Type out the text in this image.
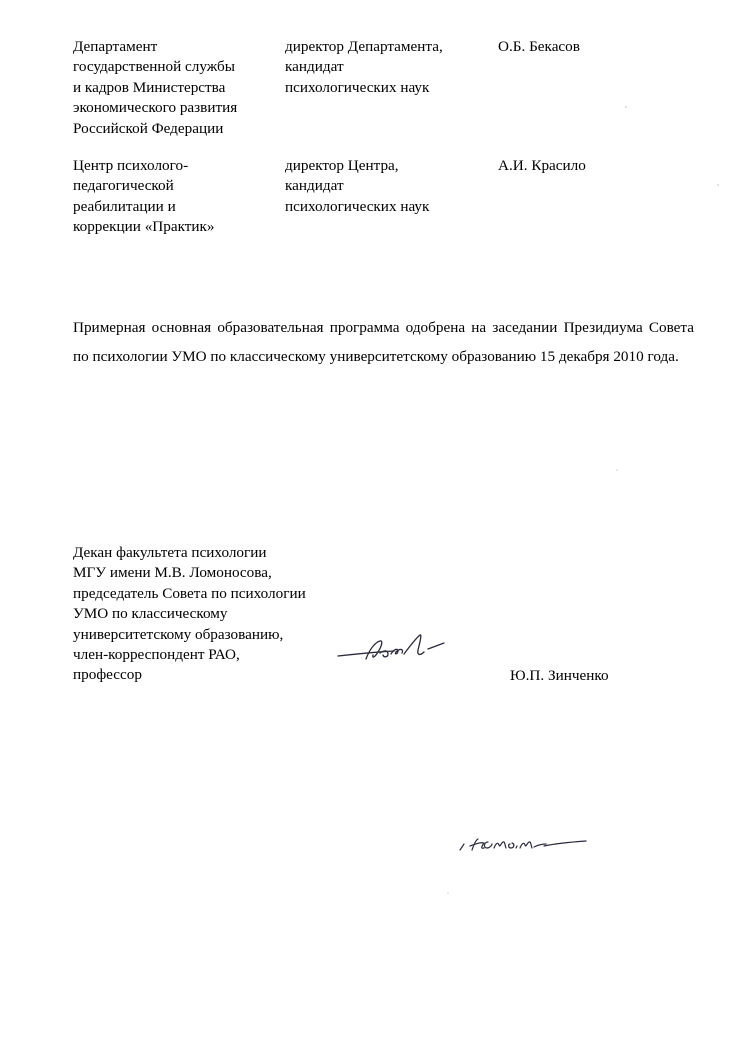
Департамент
государственной службы
и кадров Министерства
экономического развития
Российской Федерации
директор Департамента,
кандидат
психологических наук
О.Б. Бекасов
Центр психолого-
педагогической
реабилитации и
коррекции «Практик»
директор Центра,
кандидат
психологических наук
А.И. Красило

Примерная основная образовательная программа одобрена на заседании Президиума Совета по психологии УМО по классическому университетскому образованию 15 декабря 2010 года.

Декан факультета психологии
МГУ имени М.В. Ломоносова,
председатель Совета по психологии
УМО по классическому
университетскому образованию,
член-корреспондент РАО,
профессор	Ю.П. Зинченко
